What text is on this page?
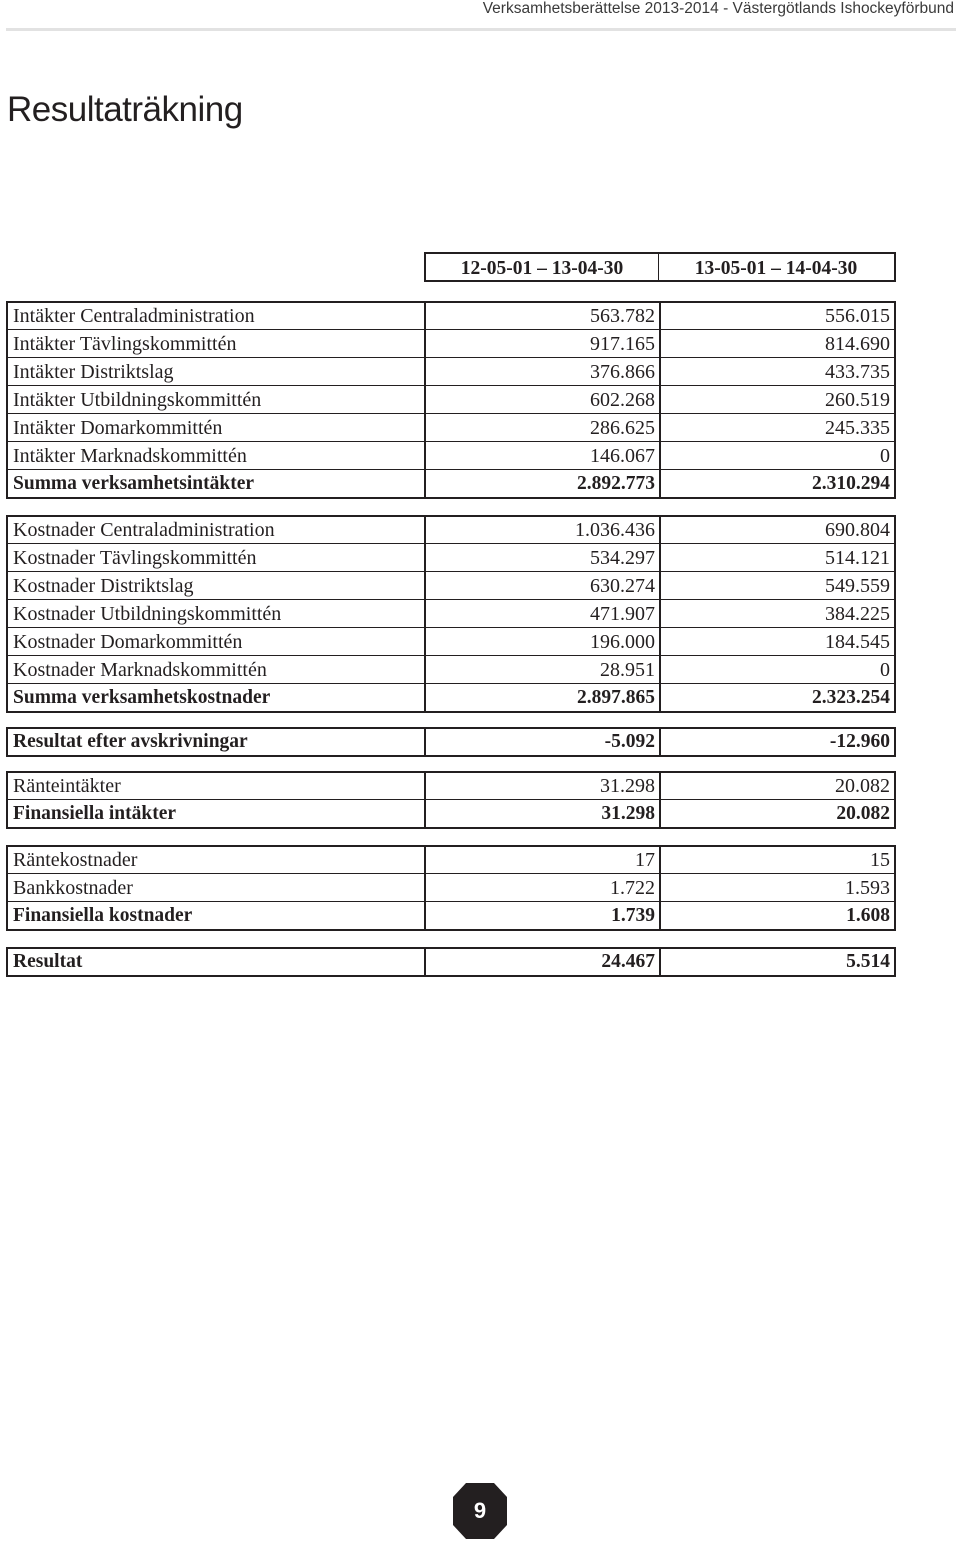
Verksamhetsberättelse 2013-2014 - Västergötlands Ishockeyförbund
Resultaträkning
12-05-01 – 13-04-30	13-05-01 – 14-04-30
Intäkter Centraladministration	563.782	556.015
Intäkter Tävlingskommittén	917.165	814.690
Intäkter Distriktslag	376.866	433.735
Intäkter Utbildningskommittén	602.268	260.519
Intäkter Domarkommittén	286.625	245.335
Intäkter Marknadskommittén	146.067	0
Summa verksamhetsintäkter	2.892.773	2.310.294
Kostnader Centraladministration	1.036.436	690.804
Kostnader Tävlingskommittén	534.297	514.121
Kostnader Distriktslag	630.274	549.559
Kostnader Utbildningskommittén	471.907	384.225
Kostnader Domarkommittén	196.000	184.545
Kostnader Marknadskommittén	28.951	0
Summa verksamhetskostnader	2.897.865	2.323.254
Resultat efter avskrivningar	-5.092	-12.960
Ränteintäkter	31.298	20.082
Finansiella intäkter	31.298	20.082
Räntekostnader	17	15
Bankkostnader	1.722	1.593
Finansiella kostnader	1.739	1.608
Resultat	24.467	5.514
9
